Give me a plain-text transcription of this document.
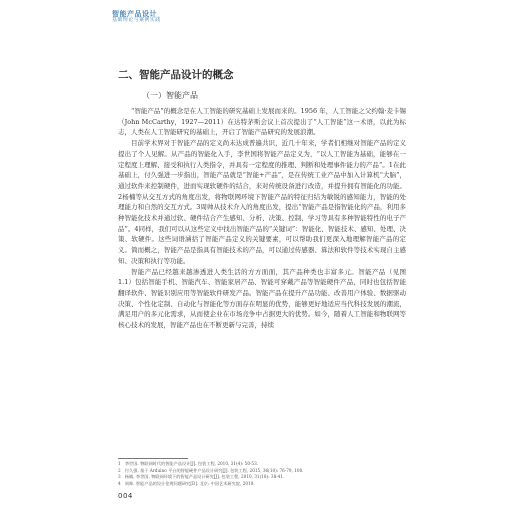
智能产品设计
基础理论与案例实践
二、智能产品设计的概念
（一）智能产品

“智能产品”的概念是在人工智能的研究基础上发展而来的。1956 年，人工智能之父约翰·麦卡锡（John McCarthy，1927—2011）在达特茅斯会议上首次提出了“人工智能”这一术语，以此为标志，人类在人工智能研究的基础上，开启了智能产品研究的发展浪潮。

目前学术界对于智能产品的定义尚未达成普遍共识，近几十年来，学者们相继对智能产品的定义提出了个人见解。从产品的智能化入手，李世国将智能产品定义为，“以人工智能为基础，能够在一定程度上理解、接受和执行人类指令，并具有一定程度的推理、判断和处理事件能力的产品”。1在此基础上，付久强进一步指出，智能产品就是“智能+产品”，是在传统工业产品中加入计算机“大脑”，通过软件来控制硬件，进而实现软硬件的结合，来对传统设备进行改造，并提升拥有智能化的功能。2杨楠等从交互方式的角度出发，将物联网环境下智能产品的特征归结为敏锐的感知能力，智能的处理能力和自然的交互方式。3周帅从技术介入的角度出发，提出“智能产品是指智能化的产品，利用多种智能化技术并通过软、硬件结合产生感知、分析、决策、控制、学习等具有多种智能特性的电子产品”。4同样，我们可以从这些定义中找出智能产品的“关键词”：智能化、智能技术、感知、处理、决策、软硬件。这些词语涵括了智能产品定义的关键要素，可以帮助我们更深入地理解智能产品的定义。简而概之，智能产品是指具有智能技术的产品，可以通过传感器、算法和软件等技术实现自主感知、决策和执行等功能。

智能产品已经越来越渗透进人类生活的方方面面，其产品种类也丰富多元。智能产品（见图 1.1）包括智能手机、智能汽车、智能家居产品、智能可穿戴产品等智能硬件产品，同时也包括智能翻译软件、智能识别应用等智能软件研发产品。智能产品在提升产品功能、改善用户体验、数据驱动决策、个性化定制、自动化与智能化等方面存在明显的优势，能够更好地适应当代科技发展的潮流，满足用户的多元化需求，从而使企业在市场竞争中占据更大的优势。如今，随着人工智能和物联网等核心技术的发展，智能产品也在不断更新与完善，持续

1　李世国. 物联网时代的智能产品设计[J]. 包装工程, 2010, 31(4): 50-53.
2　付久强. 基于 Arduino 平台的智能硬件产品设计研究[J]. 包装工程, 2015, 36(10): 76-79, 100.
3　杨楠, 李世国. 物联网环境下的智能产品设计研究[J]. 包装工程, 2010, 31(18): 38-41.
4　周帅. 智能产品的设计伦理问题研究[D]. 北京: 中国艺术研究院, 2018.
004
